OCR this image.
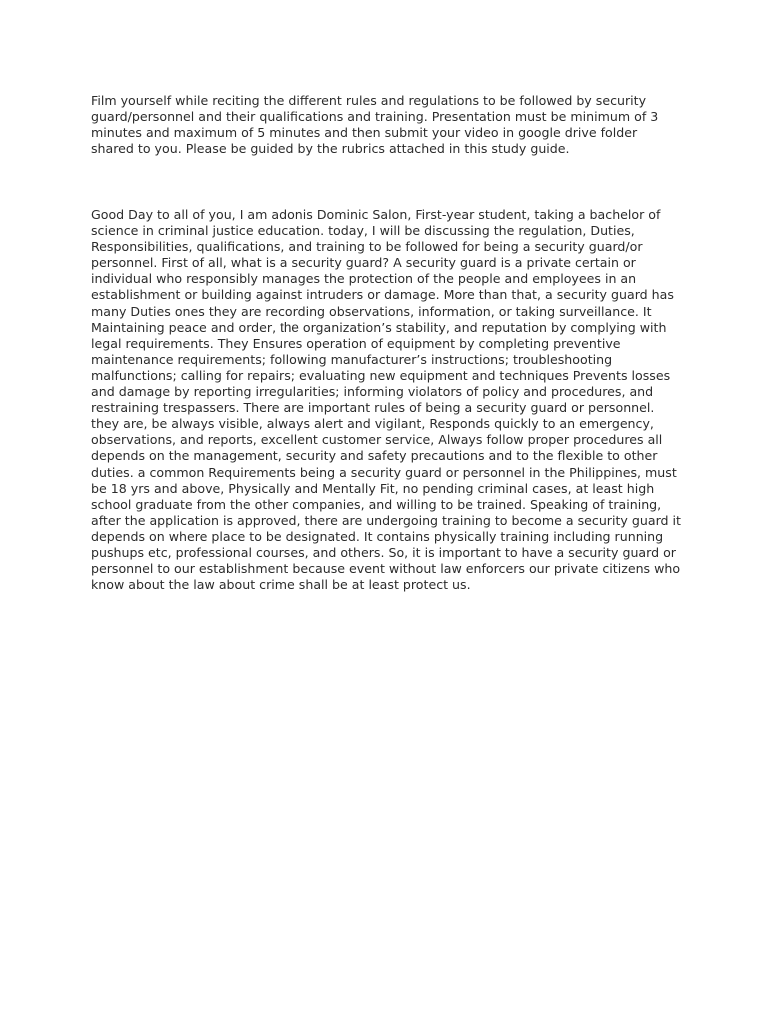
Film yourself while reciting the different rules and regulations to be followed by security guard/personnel and their qualifications and training. Presentation must be minimum of 3 minutes and maximum of 5 minutes and then submit your video in google drive folder shared to you. Please be guided by the rubrics attached in this study guide.

Good Day to all of you, I am adonis Dominic Salon, First-year student, taking a bachelor of science in criminal justice education. today, I will be discussing the regulation, Duties, Responsibilities, qualifications, and training to be followed for being a security guard/or personnel. First of all, what is a security guard? A security guard is a private certain or individual who responsibly manages the protection of the people and employees in an establishment or building against intruders or damage. More than that, a security guard has many Duties ones they are recording observations, information, or taking surveillance. It Maintaining peace and order, the organization’s stability, and reputation by complying with legal requirements. They Ensures operation of equipment by completing preventive maintenance requirements; following manufacturer’s instructions; troubleshooting malfunctions; calling for repairs; evaluating new equipment and techniques Prevents losses and damage by reporting irregularities; informing violators of policy and procedures, and restraining trespassers. There are important rules of being a security guard or personnel. they are, be always visible, always alert and vigilant, Responds quickly to an emergency, observations, and reports, excellent customer service, Always follow proper procedures all depends on the management, security and safety precautions and to the flexible to other duties. a common Requirements being a security guard or personnel in the Philippines, must be 18 yrs and above, Physically and Mentally Fit, no pending criminal cases, at least high school graduate from the other companies, and willing to be trained. Speaking of training, after the application is approved, there are undergoing training to become a security guard it depends on where place to be designated. It contains physically training including running pushups etc, professional courses, and others. So, it is important to have a security guard or personnel to our establishment because event without law enforcers our private citizens who know about the law about crime shall be at least protect us.
